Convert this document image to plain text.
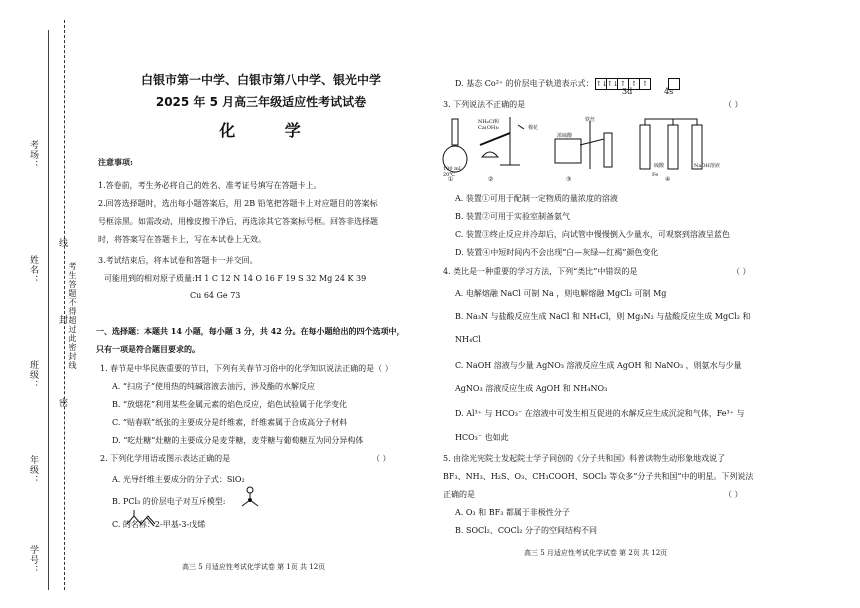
考场：
姓名：
班级：
年级：
学号：
线
封
密
考生答题不得超过此密封线
白银市第一中学、白银市第八中学、银光中学
2025 年 5 月高三年级适应性考试试卷
化 学
注意事项:
1.答卷前，考生务必将自己的姓名、准考证号填写在答题卡上。
2.回答选择题时，选出每小题答案后，用 2B 铅笔把答题卡上对应题目的答案标
号框涂黑。如需改动，用橡皮擦干净后，再选涂其它答案标号框。回答非选择题
时，将答案写在答题卡上，写在本试卷上无效。
3.考试结束后，将本试卷和答题卡一并交回。
可能用到的相对原子质量:H 1 C 12 N 14 O 16 F 19 S 32 Mg 24 K 39
Cu 64 Ge 73
一、选择题：本题共 14 小题，每小题 3 分，共 42 分。在每小题给出的四个选项中，
只有一项是符合题目要求的。
1. 春节是中华民族重要的节日，下列有关春节习俗中的化学知识说法正确的是（ ）
A. “扫房子”使用热的纯碱溶液去油污，涉及酯的水解反应
B. “放烟花”利用某些金属元素的焰色反应，焰色试验属于化学变化
C. “贴春联”纸张的主要成分是纤维素，纤维素属于合成高分子材料
D. “吃灶糖”灶糖的主要成分是麦芽糖，麦芽糖与葡萄糖互为同分异构体
2. 下列化学用语或图示表达正确的是	（ ）
A. 光导纤维主要成分的分子式：SiO₂
B. PCl₃ 的价层电子对互斥模型:
C. 的名称：2-甲基-3-戊烯
高三 5 月适应性考试化学试卷 第 1页 共 12页
D. 基态 Co²⁺ 的价层电子轨道表示式： ↑↓↑↓↑ ↑ ↑
3d	4s
3. 下列说法不正确的是	（ ）
①	②	③	④
NH₄Cl和Ca(OH)₂	棉花
浓硫酸
铁丝
硫酸
Fe
NaOH溶液
100 mL 20℃
A. 装置①可用于配制一定物质的量浓度的溶液
B. 装置②可用于实验室制备氨气
C. 装置③终止反应并冷却后，向试管中慢慢倒入少量水，可观察到溶液呈蓝色
D. 装置④中短时间内不会出现“白—灰绿—红褐”颜色变化
4. 类比是一种重要的学习方法，下列“类比”中错误的是	（ ）
A. 电解熔融 NaCl 可制 Na ，则电解熔融 MgCl₂ 可制 Mg
B. Na₃N 与盐酸反应生成 NaCl 和 NH₄Cl，则 Mg₃N₂ 与盐酸反应生成 MgCl₂ 和
NH₄Cl
C. NaOH 溶液与少量 AgNO₃ 溶液反应生成 AgOH 和 NaNO₃ ，则氨水与少量
AgNO₃ 溶液反应生成 AgOH 和 NH₄NO₃
D. Al³⁺ 与 HCO₃⁻ 在溶液中可发生相互促进的水解反应生成沉淀和气体，Fe³⁺ 与
HCO₃⁻ 也如此
5. 由徐光宪院士发起院士学子同创的《分子共和国》科普读物生动形象地戏说了
BF₃、NH₃、H₂S、O₃、CH₃COOH、SOCl₂ 等众多“分子共和国”中的明星。下列说法
正确的是	（ ）
A. O₃ 和 BF₃ 都属于非极性分子
B. SOCl₂、COCl₂ 分子的空间结构不同
高三 5 月适应性考试化学试卷 第 2页 共 12页
